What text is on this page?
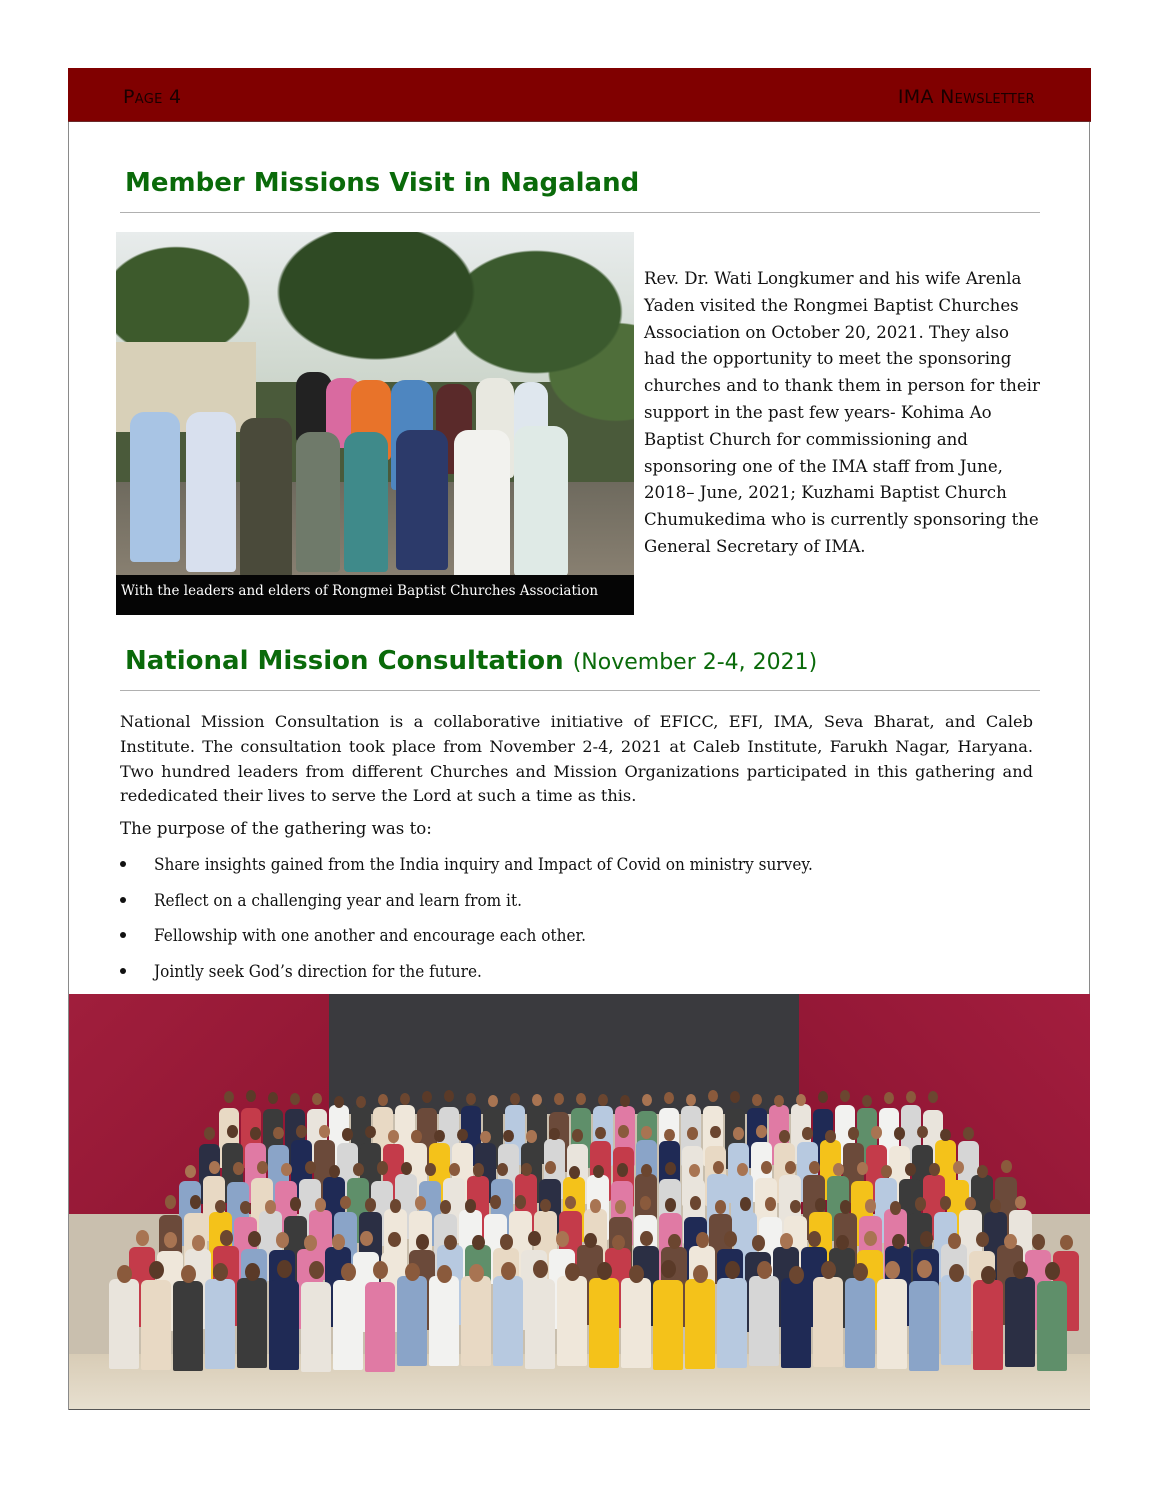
Page 4	IMA Newsletter
Member Missions Visit in Nagaland
With the leaders and elders of Rongmei Baptist Churches Association

Rev. Dr. Wati Longkumer and his wife Arenla Yaden visited the Rongmei Baptist Churches Association on October 20, 2021. They also had the opportunity to meet the sponsoring churches and to thank them in person for their support in the past few years- Kohima Ao Baptist Church for commissioning and sponsoring one of the IMA staff from June, 2018– June, 2021; Kuzhami Baptist Church Chumukedima who is currently sponsoring the General Secretary of IMA.

National Mission Consultation (November 2-4, 2021)

National Mission Consultation is a collaborative initiative of EFICC, EFI, IMA, Seva Bharat, and Caleb Institute. The consultation took place from November 2-4, 2021 at Caleb Institute, Farukh Nagar, Haryana. Two hundred leaders from different Churches and Mission Organizations participated in this gathering and rededicated their lives to serve the Lord at such a time as this.

The purpose of the gathering was to:

Share insights gained from the India inquiry and Impact of Covid on ministry survey.
Reflect on a challenging year and learn from it.
Fellowship with one another and encourage each other.
Jointly seek God’s direction for the future.
